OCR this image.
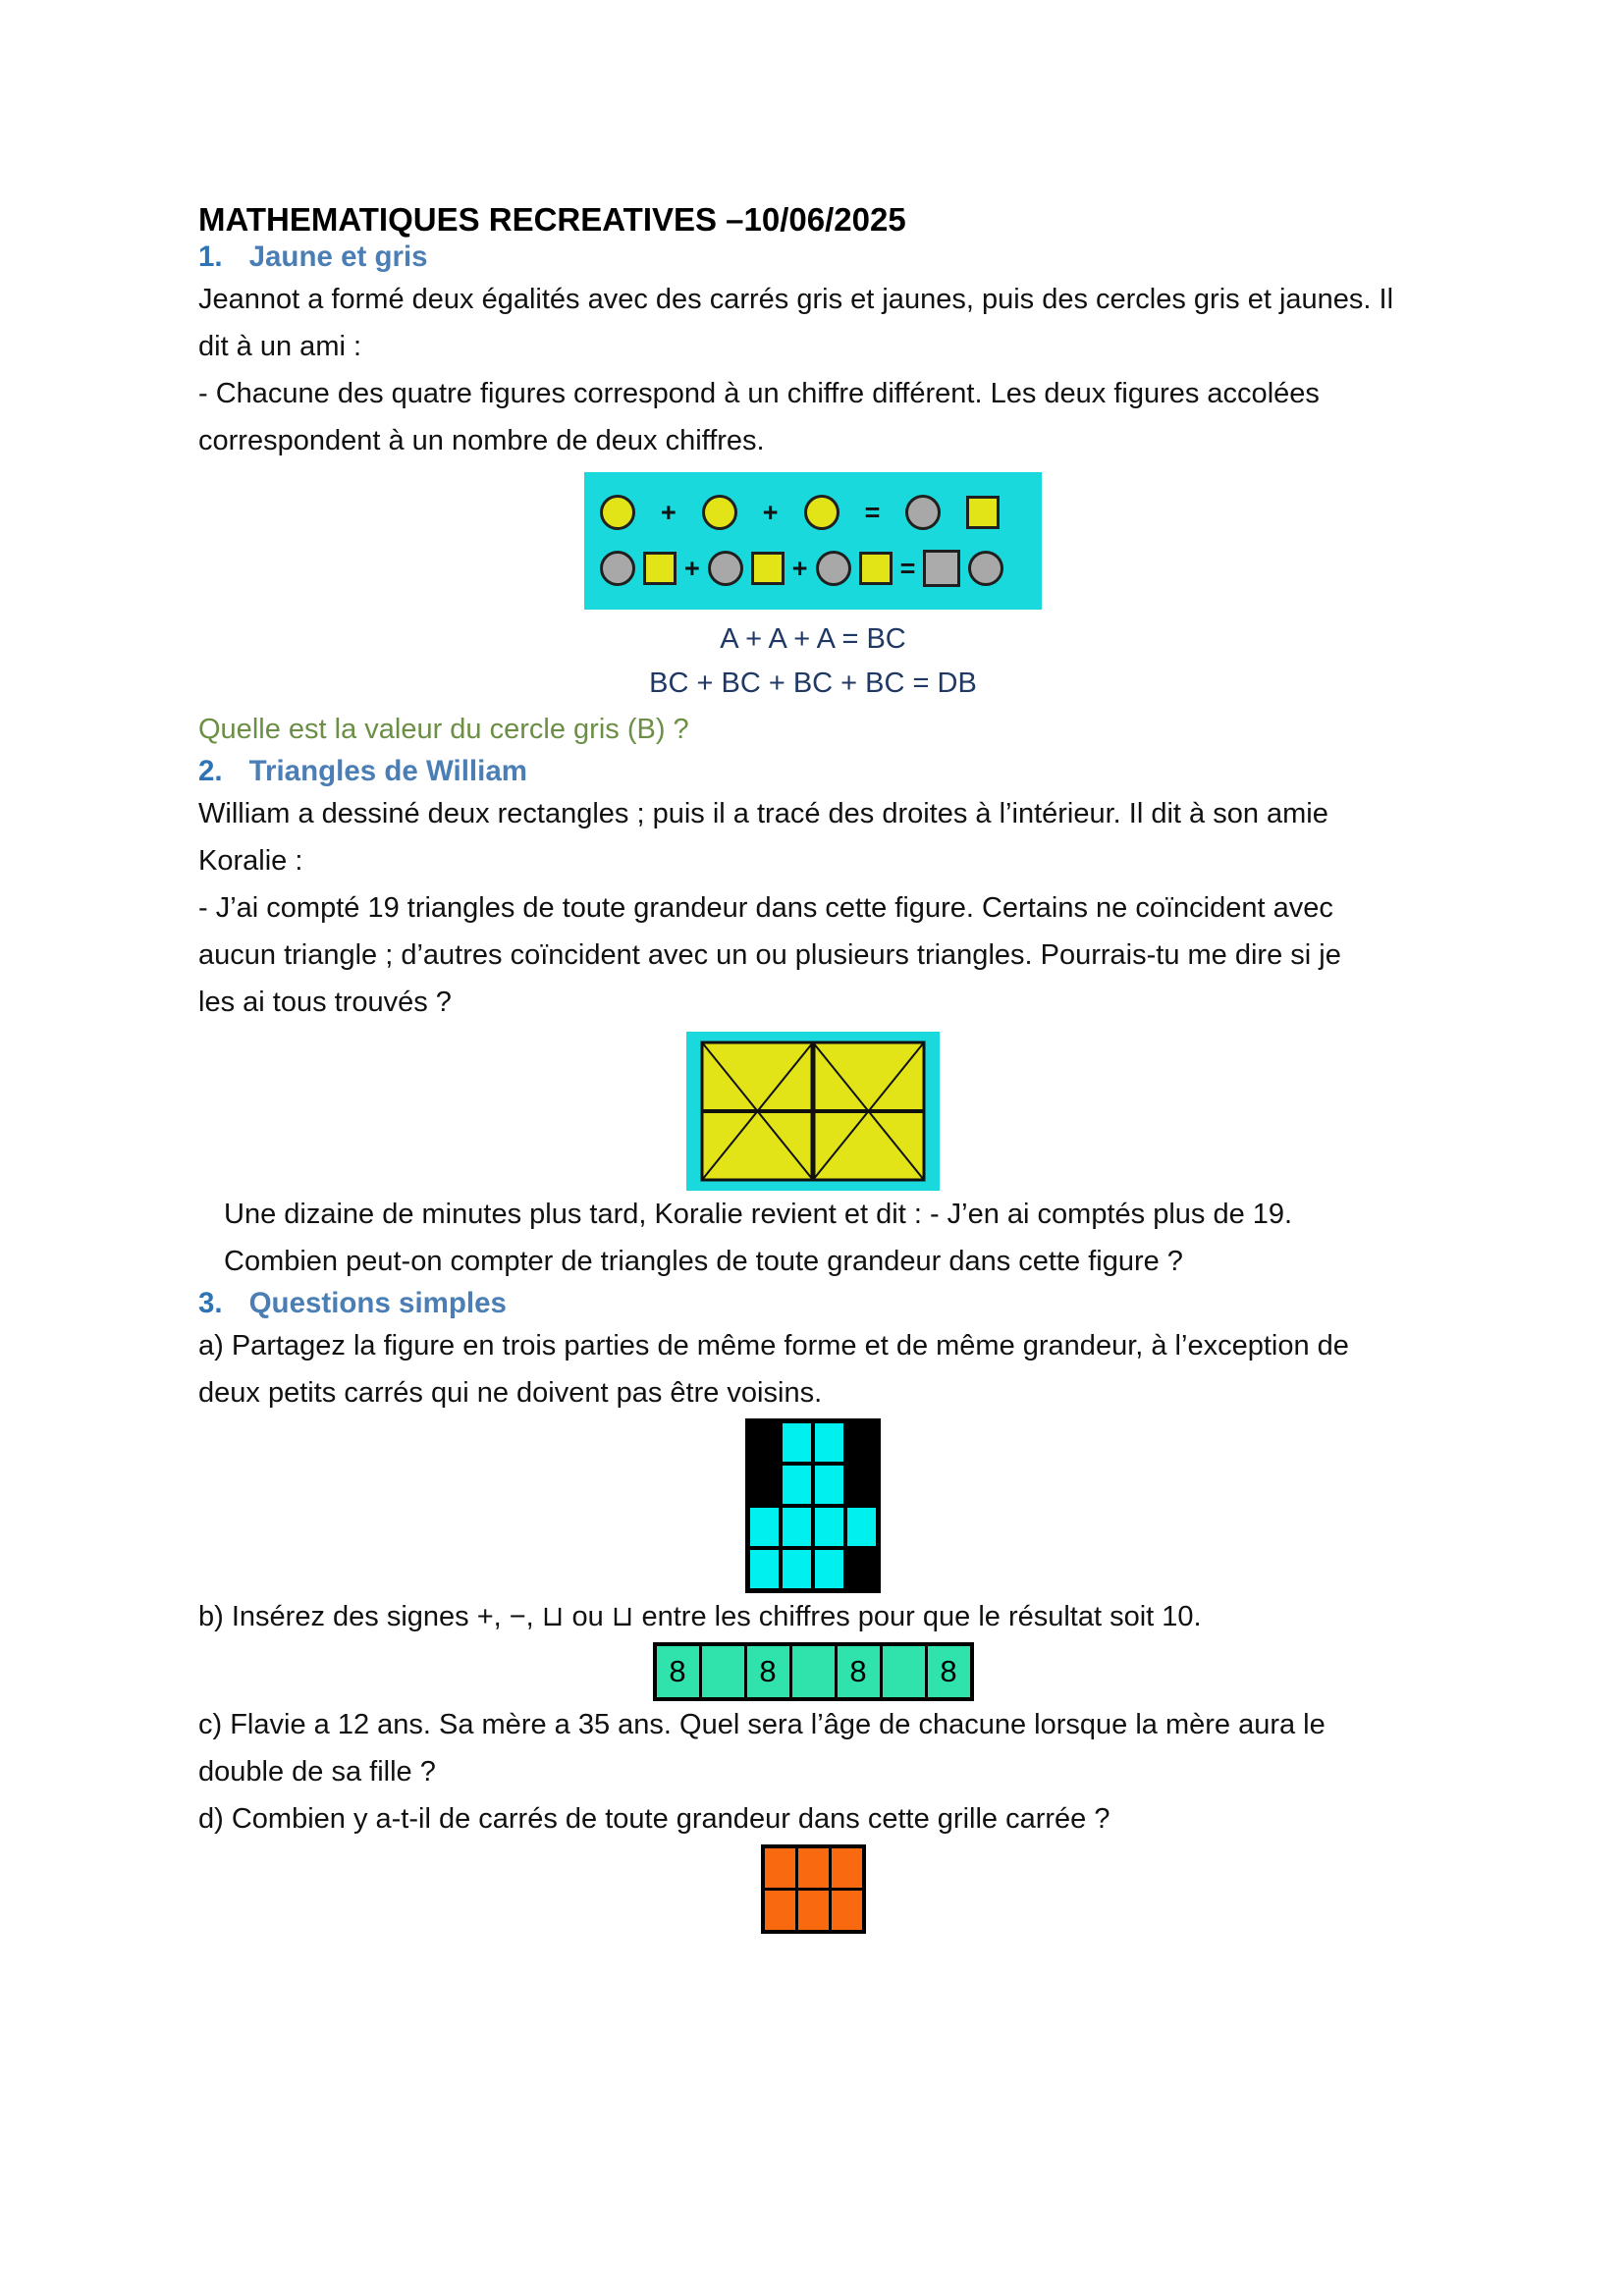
MATHEMATIQUES RECREATIVES –10/06/2025
1. Jaune et gris

Jeannot a formé deux égalités avec des carrés gris et jaunes, puis des cercles gris et jaunes. Il
dit à un ami :
- Chacune des quatre figures correspond à un chiffre différent. Les deux figures accolées
correspondent à un nombre de deux chiffres.

+	+	=
+	+	=

A + A + A = BC

BC + BC + BC + BC = DB

Quelle est la valeur du cercle gris (B) ?

2. Triangles de William

William a dessiné deux rectangles ; puis il a tracé des droites à l’intérieur. Il dit à son amie
Koralie :
- J’ai compté 19 triangles de toute grandeur dans cette figure. Certains ne coïncident avec
aucun triangle ; d’autres coïncident avec un ou plusieurs triangles. Pourrais-tu me dire si je
les ai tous trouvés ?

Une dizaine de minutes plus tard, Koralie revient et dit : - J’en ai comptés plus de 19.
Combien peut-on compter de triangles de toute grandeur dans cette figure ?

3. Questions simples

a) Partagez la figure en trois parties de même forme et de même grandeur, à l’exception de
deux petits carrés qui ne doivent pas être voisins.

b) Insérez des signes +, −, ⊔ ou ⊔ entre les chiffres pour que le résultat soit 10.

8	8	8	8

c) Flavie a 12 ans. Sa mère a 35 ans. Quel sera l’âge de chacune lorsque la mère aura le
double de sa fille ?

d) Combien y a-t-il de carrés de toute grandeur dans cette grille carrée ?
